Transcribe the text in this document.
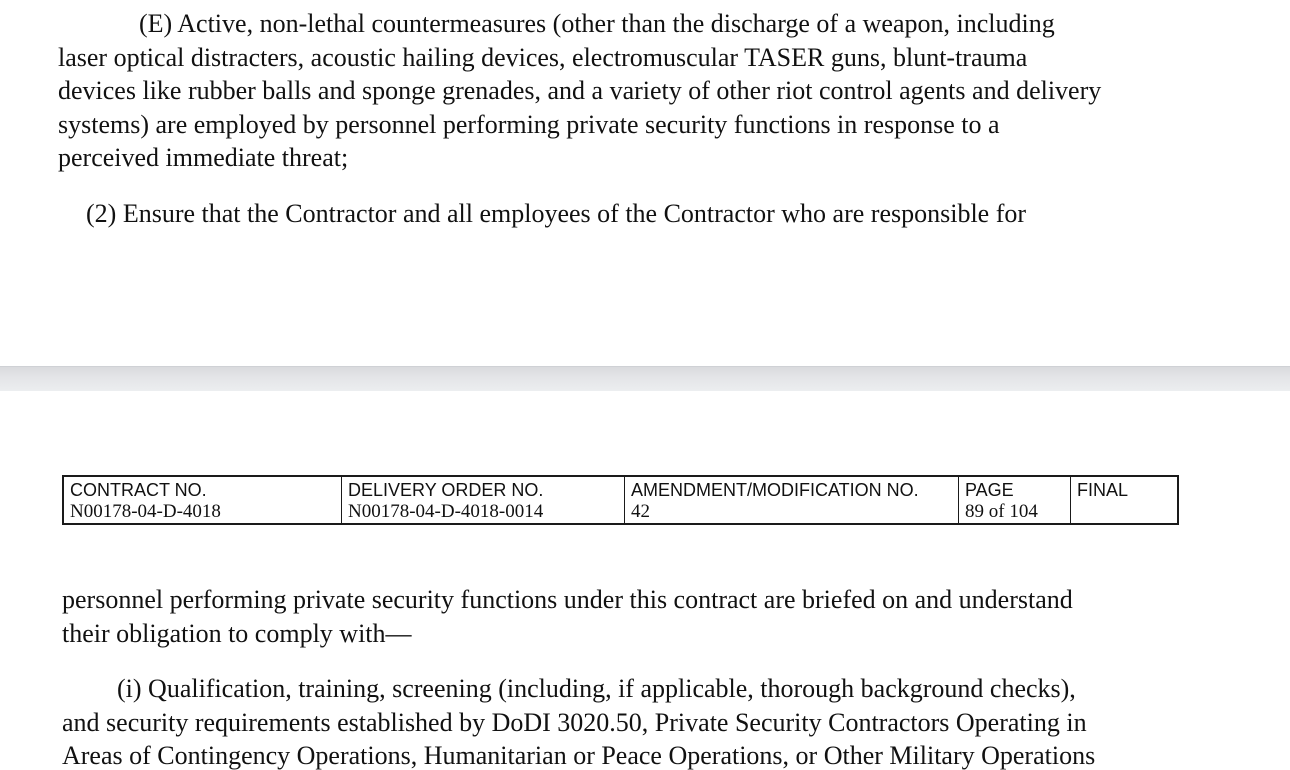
(E) Active, non-lethal countermeasures (other than the discharge of a weapon, including
laser optical distracters, acoustic hailing devices, electromuscular TASER guns, blunt-trauma
devices like rubber balls and sponge grenades, and a variety of other riot control agents and delivery
systems) are employed by personnel performing private security functions in response to a
perceived immediate threat;

(2) Ensure that the Contractor and all employees of the Contractor who are responsible for

CONTRACT NO.
N00178-04-D-4018
DELIVERY ORDER NO.
N00178-04-D-4018-0014
AMENDMENT/MODIFICATION NO.
42
PAGE
89 of 104
FINAL

personnel performing private security functions under this contract are briefed on and understand
their obligation to comply with—

(i) Qualification, training, screening (including, if applicable, thorough background checks),
and security requirements established by DoDI 3020.50, Private Security Contractors Operating in
Areas of Contingency Operations, Humanitarian or Peace Operations, or Other Military Operations
